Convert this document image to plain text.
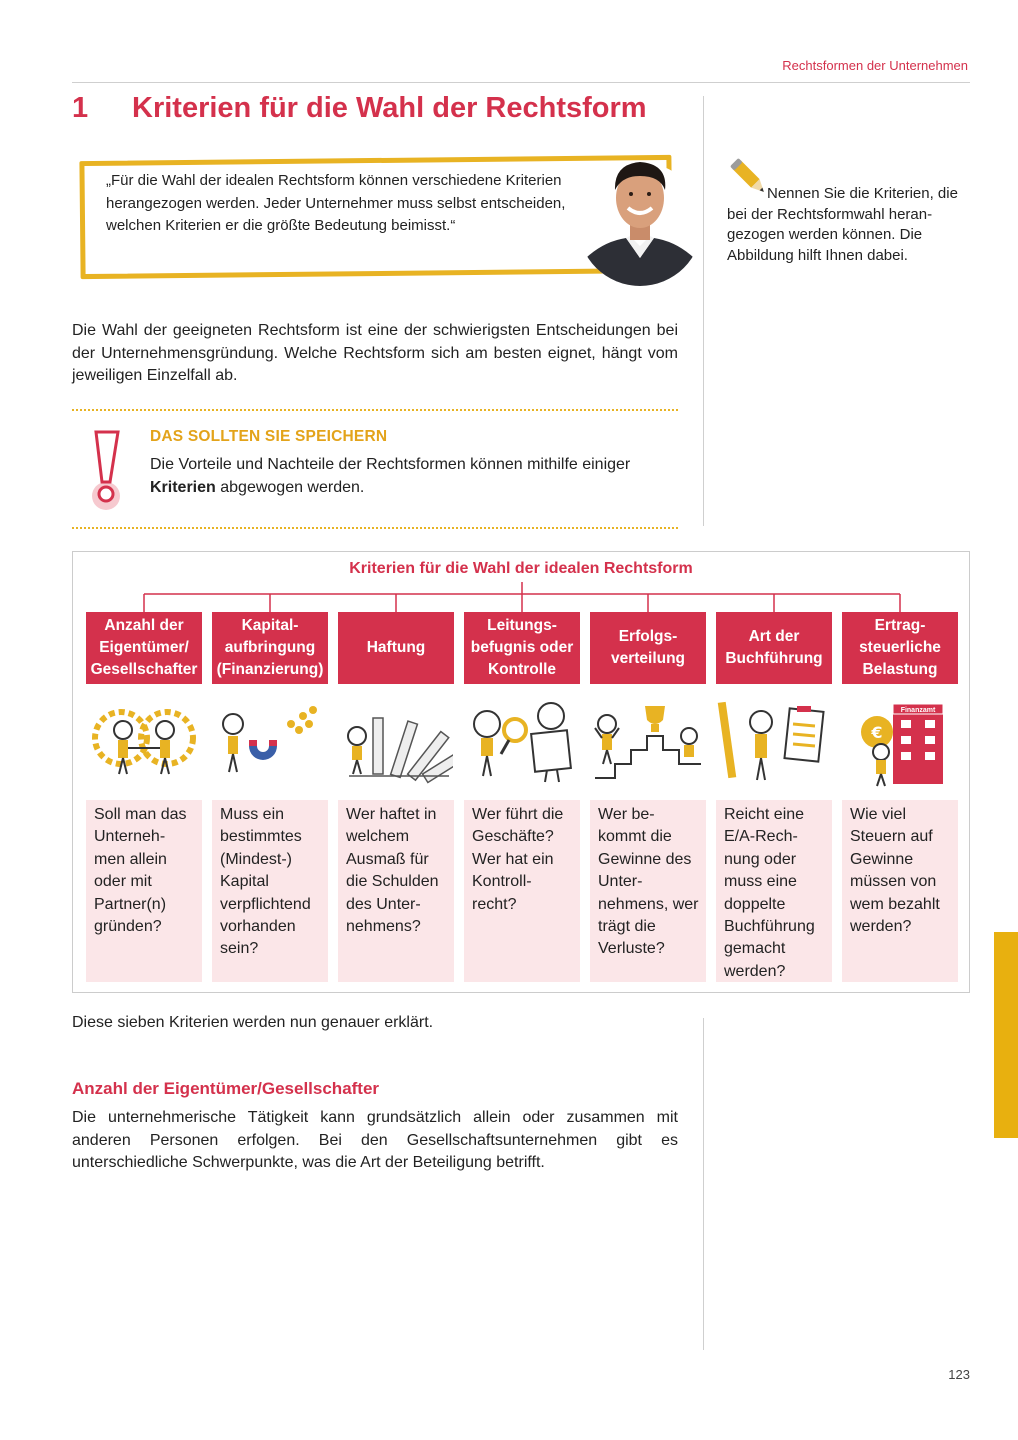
Rechtsformen der Unternehmen
1 Kriterien für die Wahl der Rechtsform

„Für die Wahl der idealen Rechtsform können verschiedene Kriterien herangezogen werden. Jeder Unternehmer muss selbst entscheiden, welchen Kriterien er die größte Bedeutung beimisst.“

Nennen Sie die Kriterien, die bei der Rechtsformwahl heran-gezogen werden können. Die Abbildung hilft Ihnen dabei.

Die Wahl der geeigneten Rechtsform ist eine der schwierigsten Entscheidungen bei der Unternehmensgründung. Welche Rechtsform sich am besten eignet, hängt vom jeweiligen Einzelfall ab.

DAS SOLLTEN SIE SPEICHERN

Die Vorteile und Nachteile der Rechtsformen können mithilfe einiger Kriterien abgewogen werden.

Kriterien für die Wahl der idealen Rechtsform
Anzahl der Eigentümer/ Gesellschafter
Soll man das Unterneh-men allein oder mit Partner(n) gründen?
Kapital-aufbringung (Finanzierung)
Muss ein bestimmtes (Mindest-) Kapital verpflichtend vorhanden sein?
Haftung
Wer haftet in welchem Ausmaß für die Schulden des Unter-nehmens?
Leitungs-befugnis oder Kontrolle
Wer führt die Geschäfte? Wer hat ein Kontroll-recht?
Erfolgs-verteilung
Wer be-kommt die Gewinne des Unter-nehmens, wer trägt die Verluste?
Art der Buchführung
Reicht eine E/A-Rech-nung oder muss eine doppelte Buchführung gemacht werden?
Ertrag-steuerliche Belastung
Finanzamt
€
Wie viel Steuern auf Gewinne müssen von wem bezahlt werden?

Diese sieben Kriterien werden nun genauer erklärt.

Anzahl der Eigentümer/Gesellschafter

Die unternehmerische Tätigkeit kann grundsätzlich allein oder zusammen mit anderen Personen erfolgen. Bei den Gesellschaftsunternehmen gibt es unterschiedliche Schwerpunkte, was die Art der Beteiligung betrifft.

123
